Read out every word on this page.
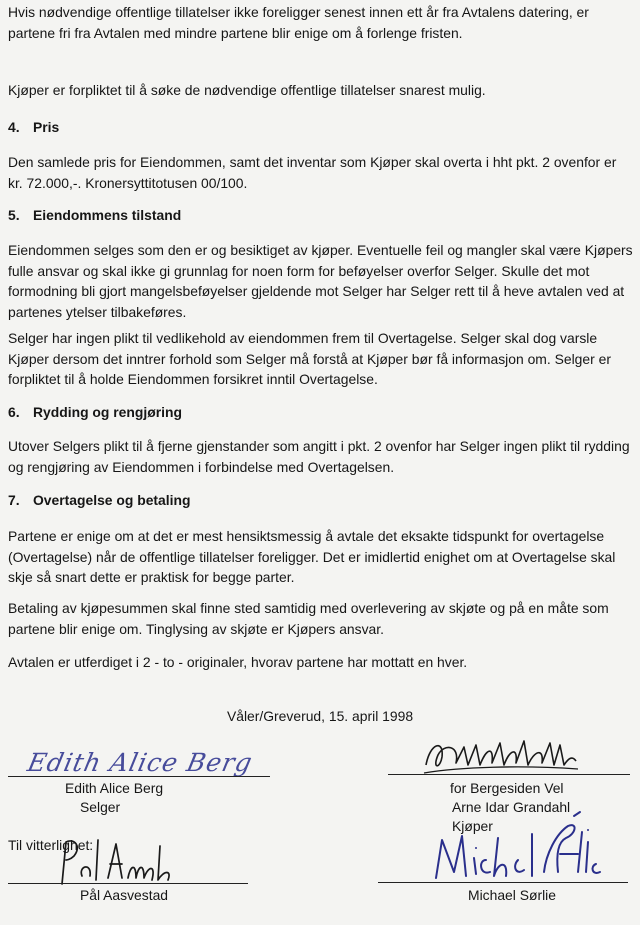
Hvis nødvendige offentlige tillatelser ikke foreligger senest innen ett år fra Avtalens datering, er partene fri fra Avtalen med mindre partene blir enige om å forlenge fristen.

Kjøper er forpliktet til å søke de nødvendige offentlige tillatelser snarest mulig.

4. Pris

Den samlede pris for Eiendommen, samt det inventar som Kjøper skal overta i hht pkt. 2 ovenfor er kr. 72.000,-. Kronersyttitotusen 00/100.

5. Eiendommens tilstand

Eiendommen selges som den er og besiktiget av kjøper. Eventuelle feil og mangler skal være Kjøpers fulle ansvar og skal ikke gi grunnlag for noen form for beføyelser overfor Selger. Skulle det mot formodning bli gjort mangelsbeføyelser gjeldende mot Selger har Selger rett til å heve avtalen ved at partenes ytelser tilbakeføres.

Selger har ingen plikt til vedlikehold av eiendommen frem til Overtagelse. Selger skal dog varsle Kjøper dersom det inntrer forhold som Selger må forstå at Kjøper bør få informasjon om. Selger er forpliktet til å holde Eiendommen forsikret inntil Overtagelse.

6. Rydding og rengjøring

Utover Selgers plikt til å fjerne gjenstander som angitt i pkt. 2 ovenfor har Selger ingen plikt til rydding og rengjøring av Eiendommen i forbindelse med Overtagelsen.

7. Overtagelse og betaling

Partene er enige om at det er mest hensiktsmessig å avtale det eksakte tidspunkt for overtagelse (Overtagelse) når de offentlige tillatelser foreligger. Det er imidlertid enighet om at Overtagelse skal skje så snart dette er praktisk for begge parter.

Betaling av kjøpesummen skal finne sted samtidig med overlevering av skjøte og på en måte som partene blir enige om. Tinglysing av skjøte er Kjøpers ansvar.

Avtalen er utferdiget i 2 - to - originaler, hvorav partene har mottatt en hver.

Våler/Greverud, 15. april 1998
Edith Alice Berg
Edith Alice Berg
Selger
for Bergesiden Vel
Arne Idar Grandahl
Kjøper
Til vitterlighet:
Pål Aasvestad	Michael Sørlie
